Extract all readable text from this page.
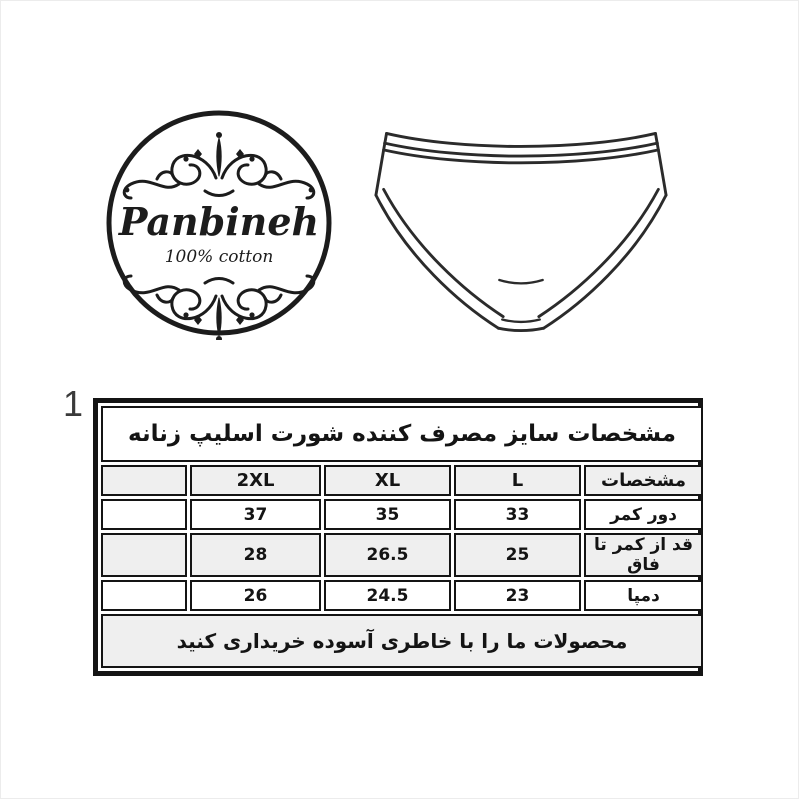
Panbineh
100% cotton
1
مشخصات سایز مصرف کننده شورت اسلیپ زنانه				
	2XL	XL	L	مشخصات
	37	35	33	دور کمر
	28	26.5	25	قد از کمر تا فاق
	26	24.5	23	دمپا
محصولات ما را با خاطری آسوده خریداری کنید				
